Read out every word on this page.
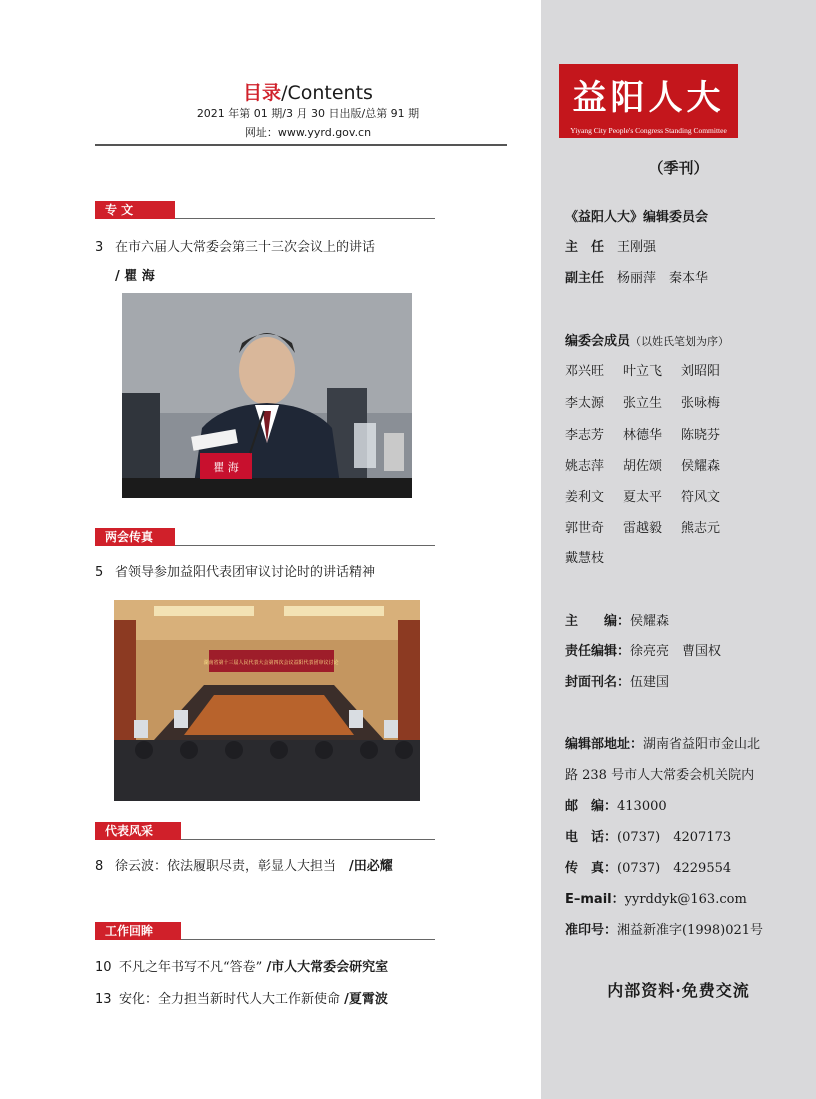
目录/Contents
2021 年第 01 期/3 月 30 日出版/总第 91 期
网址：www.yyrd.gov.cn
专 文
3 在市六届人大常委会第三十三次会议上的讲话
/ 瞿 海
瞿 海
两会传真
5 省领导参加益阳代表团审议讨论时的讲话精神
湖南省第十三届人民代表大会第四次会议益阳代表团审议讨论
代表风采
8 徐云波：依法履职尽责，彰显人大担当　 /田必耀
工作回眸
10 不凡之年书写不凡“答卷” /市人大常委会研究室
13 安化：全力担当新时代人大工作新使命 /夏霄波
益阳人大
Yiyang City People's Congress Standing Committee
（季刊）
《益阳人大》编辑委员会
主　任　 王刚强
副主任　 杨丽萍　秦本华
编委会成员（以姓氏笔划为序）
邓兴旺 叶立飞 刘昭阳
李太源 张立生 张咏梅
李志芳 林德华 陈晓芬
姚志萍 胡佐颂 侯耀森
姜利文 夏太平 符风文
郭世奇 雷越毅 熊志元
戴慧枝
主　　编：侯耀森
责任编辑：徐亮亮　曹国权
封面刊名：伍建国
编辑部地址：湖南省益阳市金山北
路 238 号市人大常委会机关院内
邮　编：413000
电　话：(0737)　4207173
传　真：(0737)　4229554
E–mail：yyrddyk@163.com
准印号：湘益新准字(1998)021号
内部资料·免费交流
